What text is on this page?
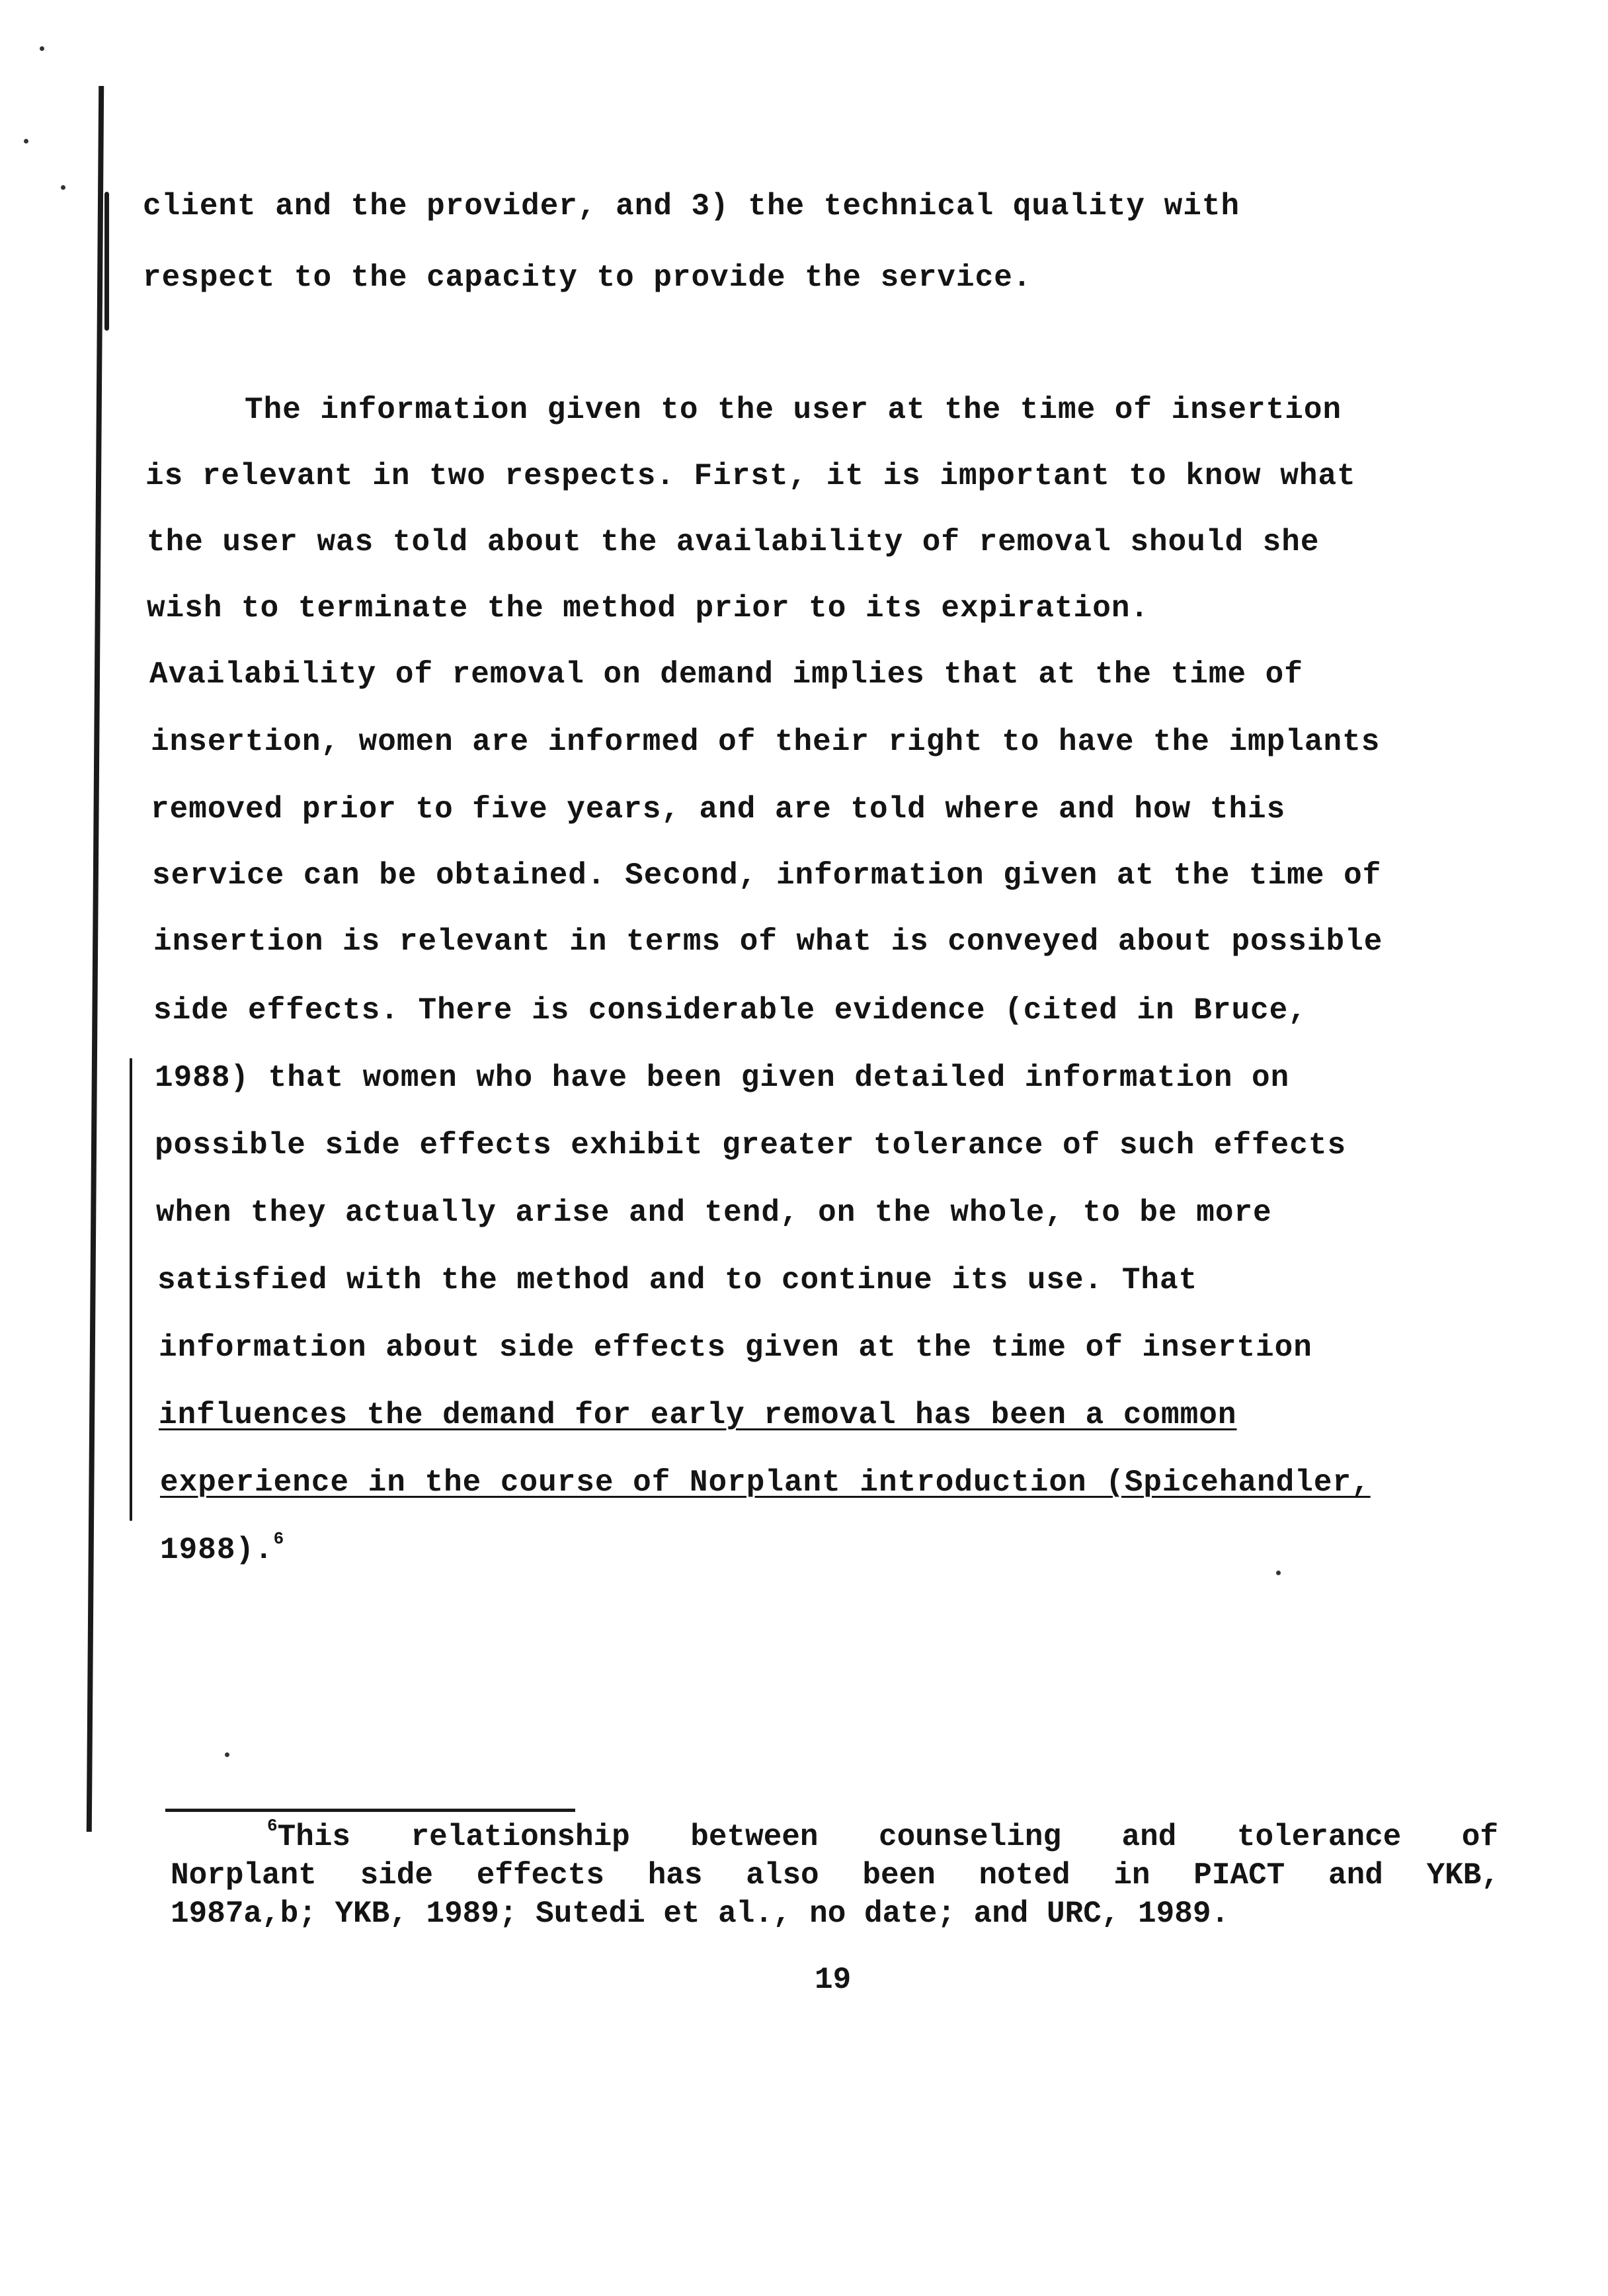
client and the provider, and 3) the technical quality with
respect to the capacity to provide the service.
The information given to the user at the time of insertion
is relevant in two respects. First, it is important to know what
the user was told about the availability of removal should she
wish to terminate the method prior to its expiration.
Availability of removal on demand implies that at the time of
insertion, women are informed of their right to have the implants
removed prior to five years, and are told where and how this
service can be obtained. Second, information given at the time of
insertion is relevant in terms of what is conveyed about possible
side effects. There is considerable evidence (cited in Bruce,
1988) that women who have been given detailed information on
possible side effects exhibit greater tolerance of such effects
when they actually arise and tend, on the whole, to be more
satisfied with the method and to continue its use. That
information about side effects given at the time of insertion
influences the demand for early removal has been a common
experience in the course of Norplant introduction (Spicehandler,
1988).$^6$
$^6$This relationship between counseling and tolerance of
Norplant side effects has also been noted in PIACT and YKB,
1987a,b; YKB, 1989; Sutedi et al., no date; and URC, 1989.
19
